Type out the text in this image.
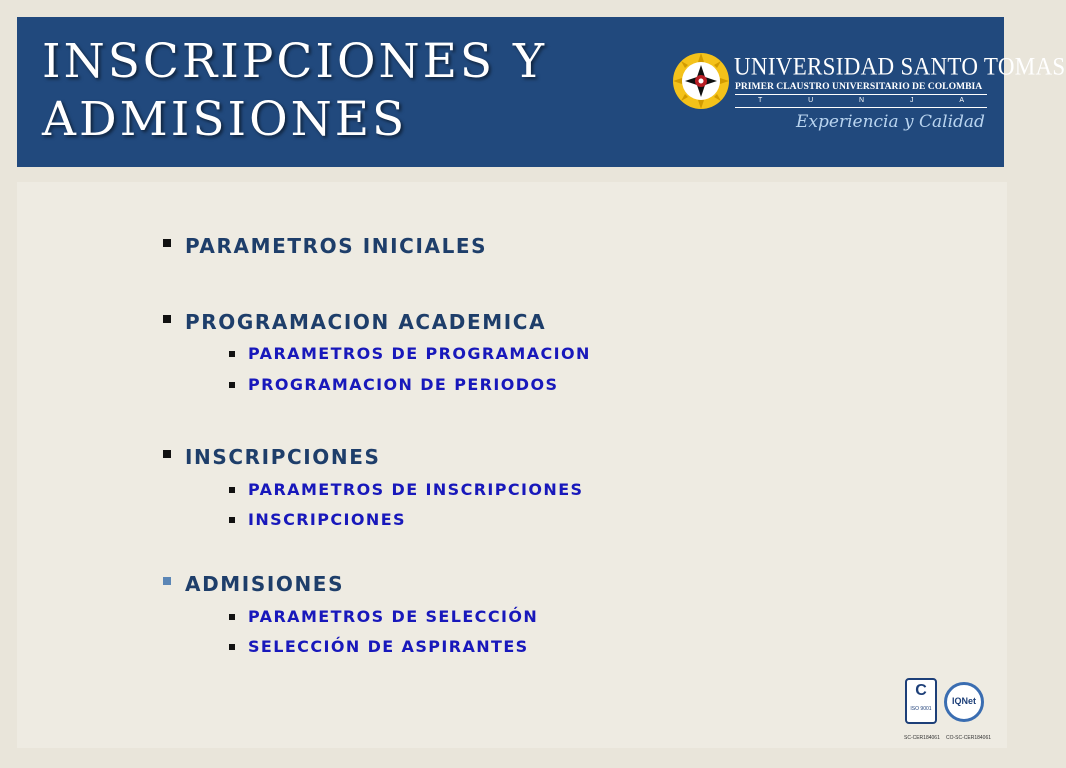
INSCRIPCIONES Y ADMISIONES
UNIVERSIDAD SANTO TOMAS
PRIMER CLAUSTRO UNIVERSITARIO DE COLOMBIA
T	U	N	J	A
Experiencia y Calidad
PARAMETROS INICIALES
PROGRAMACION ACADEMICA
PARAMETROS DE PROGRAMACION
PROGRAMACION DE PERIODOS
INSCRIPCIONES
PARAMETROS DE INSCRIPCIONES
INSCRIPCIONES
ADMISIONES
PARAMETROS DE SELECCIÓN
SELECCIÓN DE ASPIRANTES
C
ISO 9001
IQNet
SC-CER184061 CO-SC-CER184061
